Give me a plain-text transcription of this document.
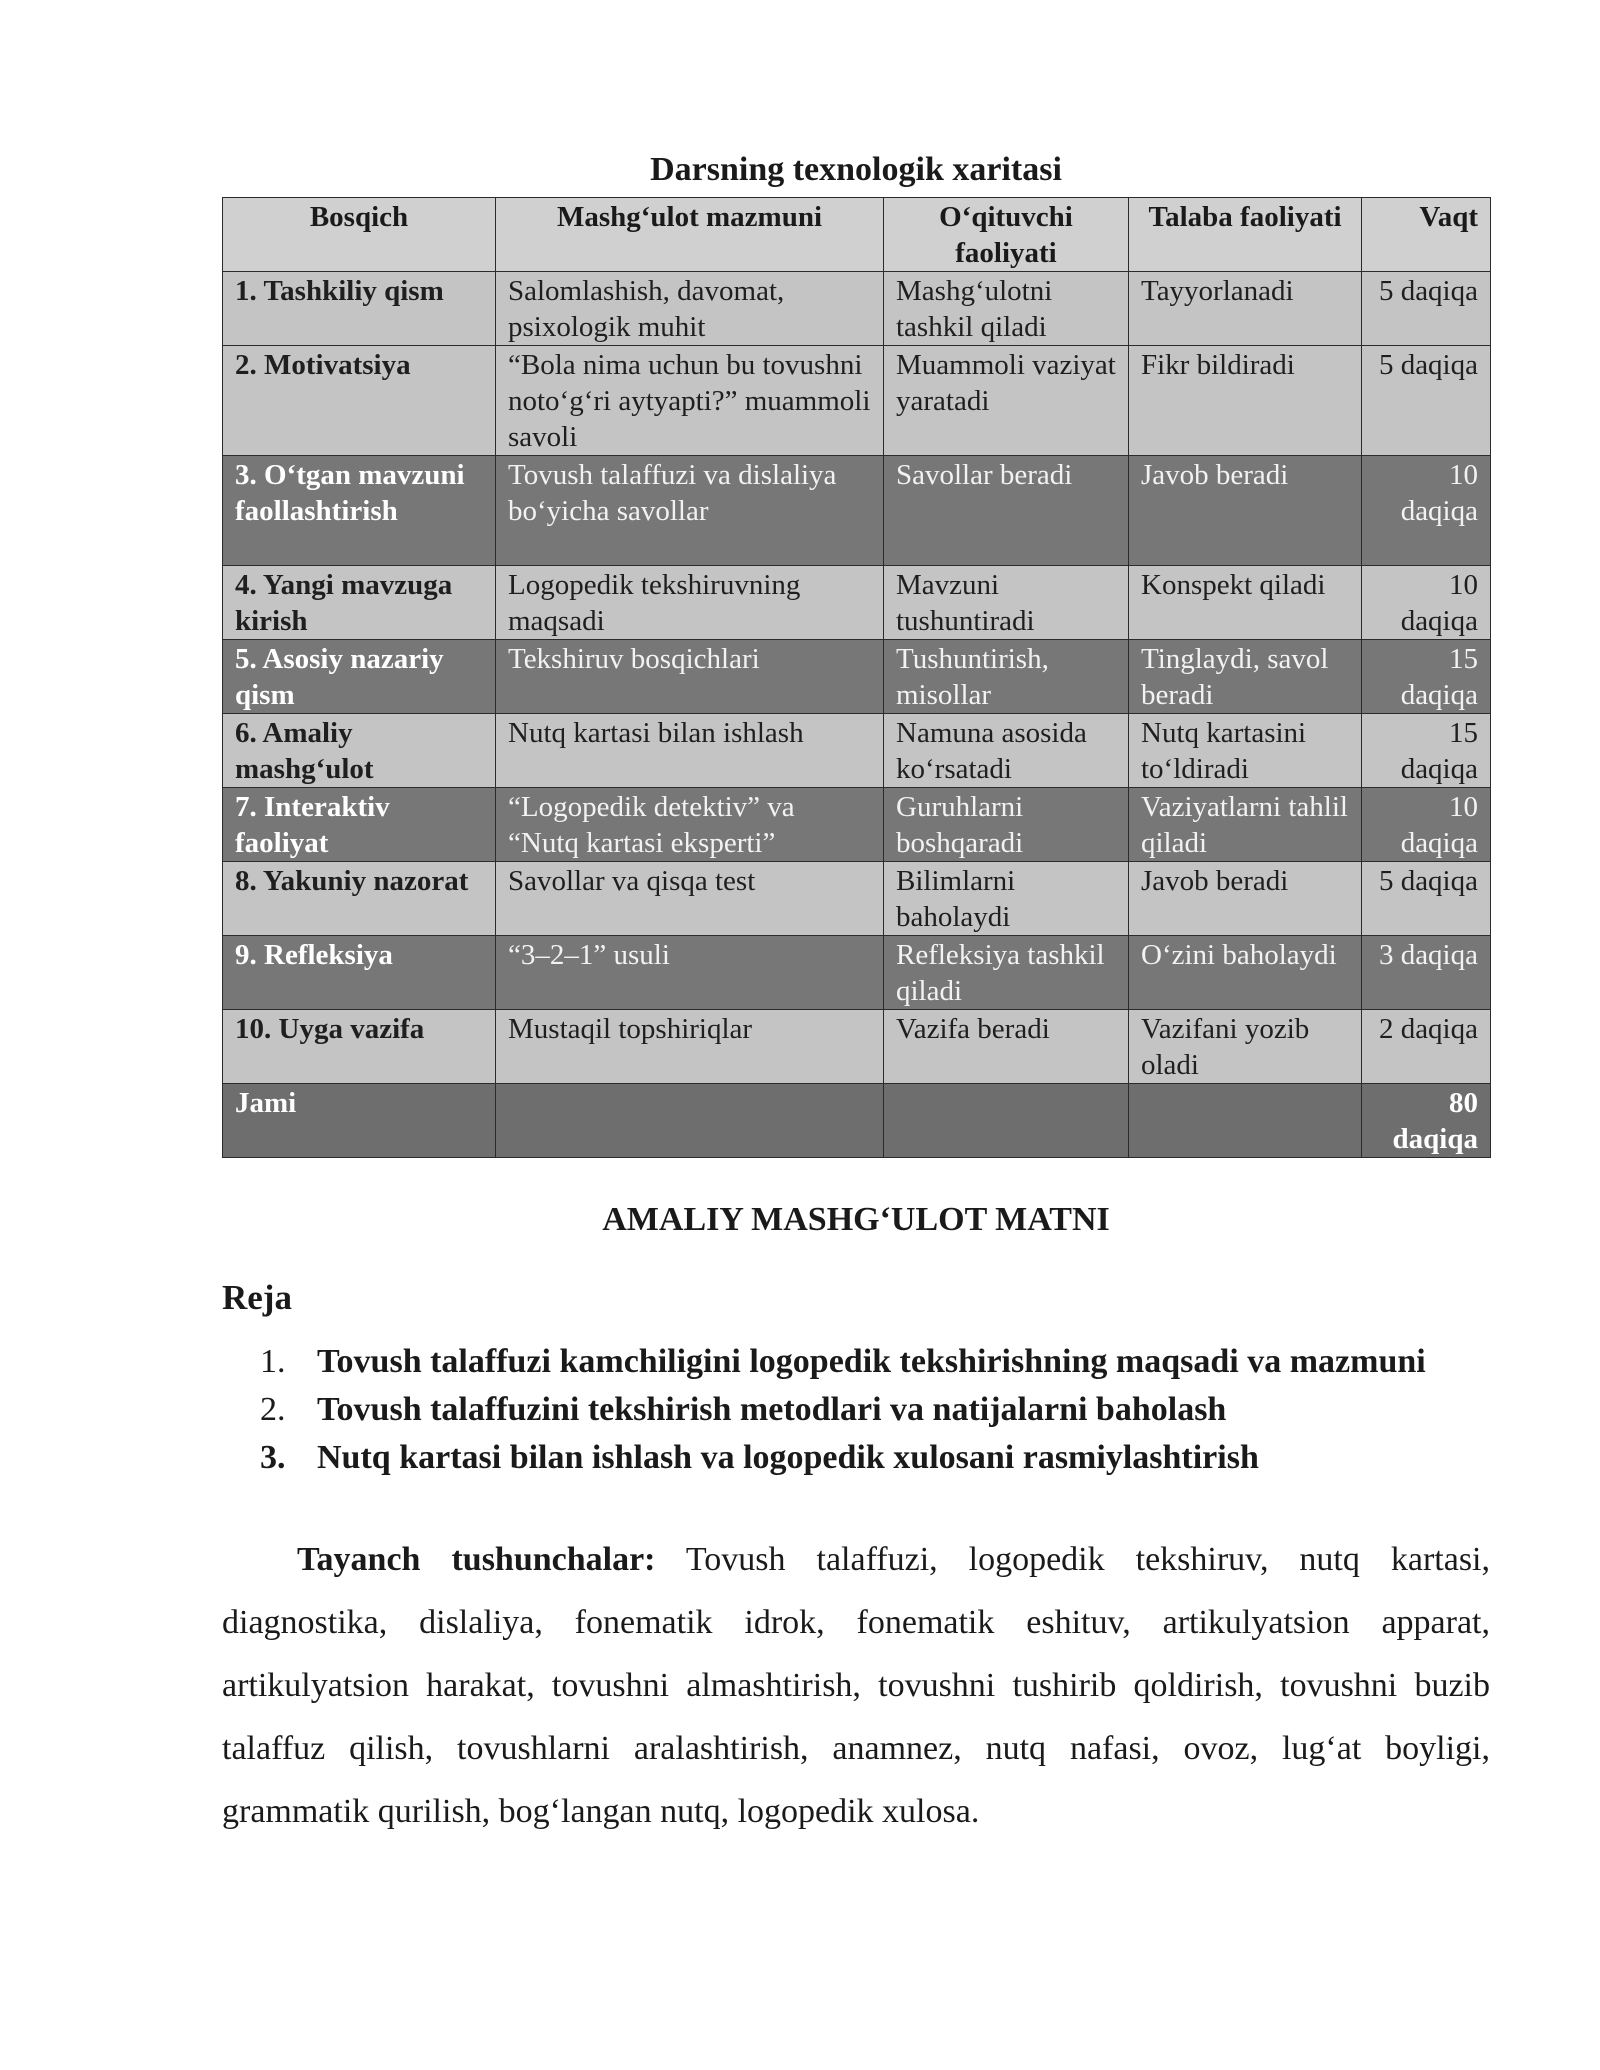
Darsning texnologik xaritasi
Bosqich	Mashg‘ulot mazmuni	O‘qituvchi faoliyati	Talaba faoliyati	Vaqt
1. Tashkiliy qism	Salomlashish, davomat, psixologik muhit	Mashg‘ulotni tashkil qiladi	Tayyorlanadi	5 daqiqa
2. Motivatsiya	“Bola nima uchun bu tovushni noto‘g‘ri aytyapti?” muammoli savoli	Muammoli vaziyat yaratadi	Fikr bildiradi	5 daqiqa
3. O‘tgan mavzuni faollashtirish	Tovush talaffuzi va dislaliya bo‘yicha savollar	Savollar beradi	Javob beradi	10 daqiqa
4. Yangi mavzuga kirish	Logopedik tekshiruvning maqsadi	Mavzuni tushuntiradi	Konspekt qiladi	10 daqiqa
5. Asosiy nazariy qism	Tekshiruv bosqichlari	Tushuntirish, misollar	Tinglaydi, savol beradi	15 daqiqa
6. Amaliy mashg‘ulot	Nutq kartasi bilan ishlash	Namuna asosida ko‘rsatadi	Nutq kartasini to‘ldiradi	15 daqiqa
7. Interaktiv faoliyat	“Logopedik detektiv” va “Nutq kartasi eksperti”	Guruhlarni boshqaradi	Vaziyatlarni tahlil qiladi	10 daqiqa
8. Yakuniy nazorat	Savollar va qisqa test	Bilimlarni baholaydi	Javob beradi	5 daqiqa
9. Refleksiya	“3–2–1” usuli	Refleksiya tashkil qiladi	O‘zini baholaydi	3 daqiqa
10. Uyga vazifa	Mustaqil topshiriqlar	Vazifa beradi	Vazifani yozib oladi	2 daqiqa
Jami				80 daqiqa
AMALIY MASHG‘ULOT MATNI
Reja
1. Tovush talaffuzi kamchiligini logopedik tekshirishning maqsadi va mazmuni
2. Tovush talaffuzini tekshirish metodlari va natijalarni baholash
3. Nutq kartasi bilan ishlash va logopedik xulosani rasmiylashtirish
Tayanch tushunchalar: Tovush talaffuzi, logopedik tekshiruv, nutq kartasi, diagnostika, dislaliya, fonematik idrok, fonematik eshituv, artikulyatsion apparat, artikulyatsion harakat, tovushni almashtirish, tovushni tushirib qoldirish, tovushni buzib talaffuz qilish, tovushlarni aralashtirish, anamnez, nutq nafasi, ovoz, lug‘at boyligi, grammatik qurilish, bog‘langan nutq, logopedik xulosa.
